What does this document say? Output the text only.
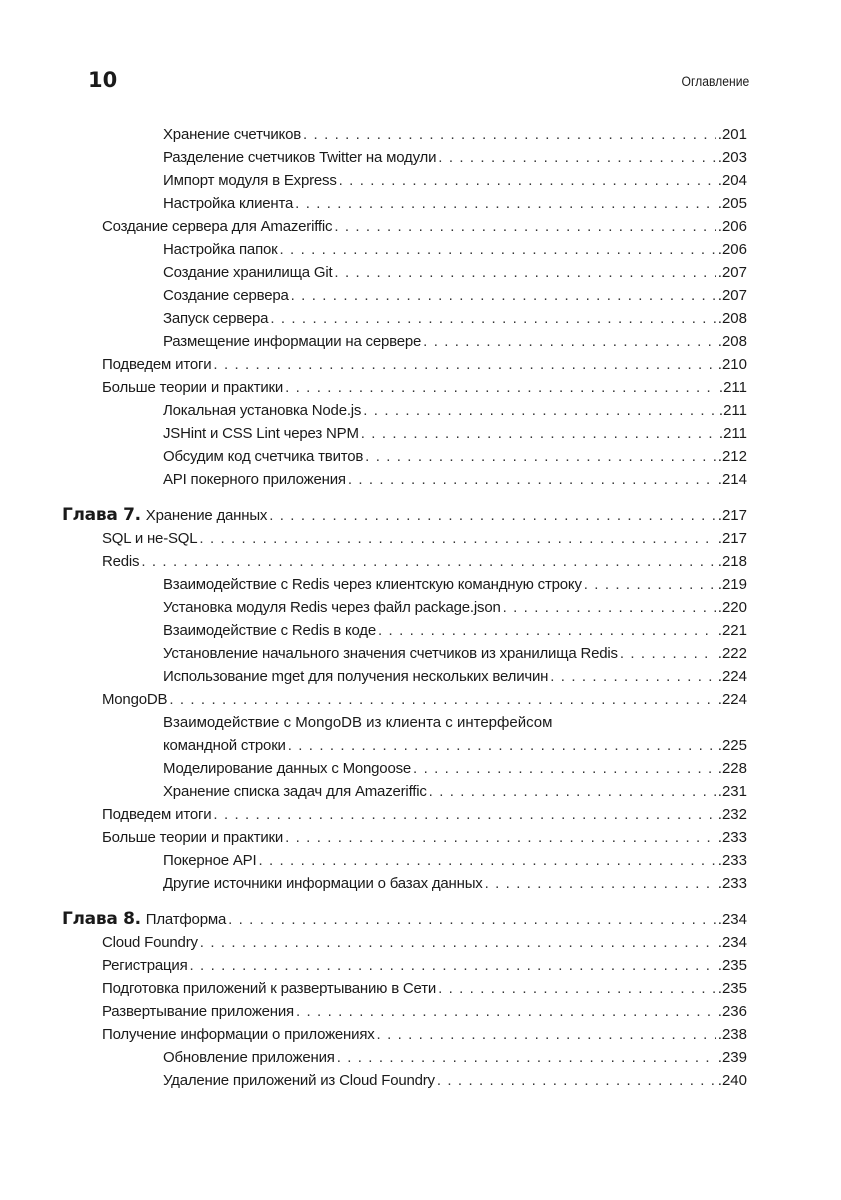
10	Оглавление
Хранение счетчиков . . .	. 201
Разделение счетчиков Twitter на модули . . .	. 203
Импорт модуля в Express . . .	. 204
Настройка клиента . . .	. 205
Создание сервера для Amazeriffic . . .	. 206
Настройка папок . . .	. 206
Создание хранилища Git . . .	. 207
Создание сервера . . .	. 207
Запуск сервера . . .	. 208
Размещение информации на сервере . . .	. 208
Подведем итоги . . .	. 210
Больше теории и практики . . .	. 211
Локальная установка Node.js . . .	. 211
JSHint и CSS Lint через NPM . . .	. 211
Обсудим код счетчика твитов . . .	. 212
API покерного приложения . . .	. 214
Глава 7. Хранение данных . . .	. 217
SQL и не-SQL . . .	. 217
Redis . . .	. 218
Взаимодействие с Redis через клиентскую командную строку . . .	. 219
Установка модуля Redis через файл package.json . . .	. 220
Взаимодействие с Redis в коде . . .	. 221
Установление начального значения счетчиков из хранилища Redis . . .	. 222
Использование mget для получения нескольких величин . . .	. 224
MongoDB . . .	. 224
Взаимодействие с MongoDB из клиента с интерфейсом
командной строки . . .	. 225
Моделирование данных с Mongoose . . .	. 228
Хранение списка задач для Amazeriffic . . .	. 231
Подведем итоги . . .	. 232
Больше теории и практики . . .	. 233
Покерное API . . .	. 233
Другие источники информации о базах данных . . .	. 233
Глава 8. Платформа . . .	. 234
Cloud Foundry . . .	. 234
Регистрация . . .	. 235
Подготовка приложений к развертыванию в Сети . . .	. 235
Развертывание приложения . . .	. 236
Получение информации о приложениях . . .	. 238
Обновление приложения . . .	. 239
Удаление приложений из Cloud Foundry . . .	. 240
